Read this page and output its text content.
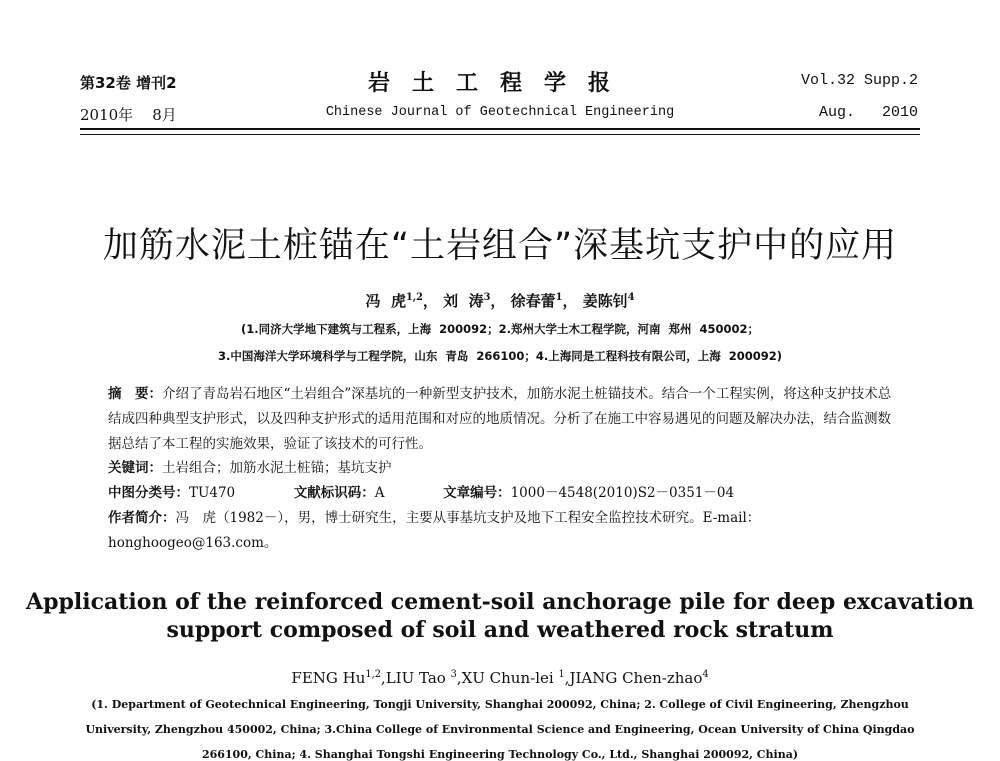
第32卷 增刊2	岩土工程学报	Vol.32 Supp.2
2010年    8月	Chinese Journal of Geotechnical Engineering	Aug.   2010
加筋水泥土桩锚在“土岩组合”深基坑支护中的应用
冯  虎$^{1,2}$， 刘  涛$^3$， 徐春蕾$^1$， 姜陈钊$^4$
(1.同济大学地下建筑与工程系，上海  200092；2.郑州大学土木工程学院，河南  郑州  450002；
3.中国海洋大学环境科学与工程学院，山东  青岛  266100；4.上海同是工程科技有限公司，上海  200092)
摘　要：介绍了青岛岩石地区“土岩组合”深基坑的一种新型支护技术，加筋水泥土桩锚技术。结合一个工程实例，将这种支护技术总结成四种典型支护形式，以及四种支护形式的适用范围和对应的地质情况。分析了在施工中容易遇见的问题及解决办法，结合监测数据总结了本工程的实施效果，验证了该技术的可行性。
关键词：土岩组合；加筋水泥土桩锚；基坑支护
中图分类号：TU470	文献标识码：A	文章编号：1000－4548(2010)S2－0351－04
作者简介：冯　虎（1982－），男，博士研究生，主要从事基坑支护及地下工程安全监控技术研究。E-mail：honghoogeo@163.com。
Application of the reinforced cement-soil anchorage pile for deep excavation
support composed of soil and weathered rock stratum
FENG Hu$^{1,2}$,LIU Tao $^3$,XU Chun-lei $^1$,JIANG Chen-zhao$^4$
(1. Department of Geotechnical Engineering, Tongji University, Shanghai 200092, China; 2. College of Civil Engineering, Zhengzhou
University, Zhengzhou 450002, China; 3.China College of Environmental Science and Engineering, Ocean University of China Qingdao
266100, China; 4. Shanghai Tongshi Engineering Technology Co., Ltd., Shanghai 200092, China)
